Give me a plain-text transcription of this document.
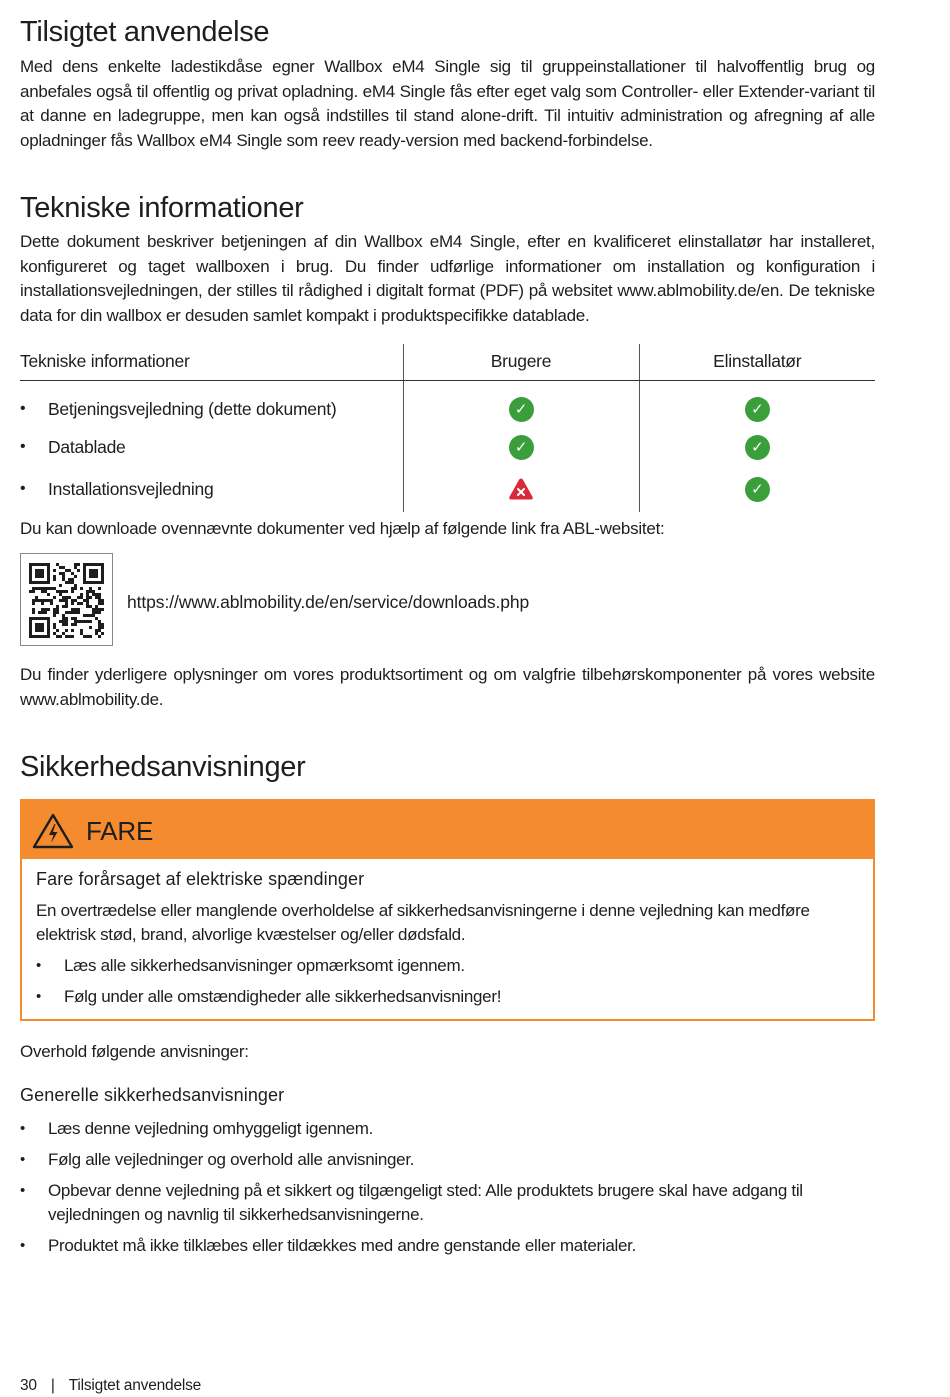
Tilsigtet anvendelse

Med dens enkelte ladestikdåse egner Wallbox eM4 Single sig til gruppeinstallationer til halvoffentlig brug og anbefales også til offentlig og privat opladning. eM4 Single fås efter eget valg som Controller- eller Extender-variant til at danne en ladegruppe, men kan også indstilles til stand alone-drift. Til intuitiv administration og afregning af alle opladninger fås Wallbox eM4 Single som reev ready-version med backend-forbindelse.

Tekniske informationer

Dette dokument beskriver betjeningen af din Wallbox eM4 Single, efter en kvalificeret elinstallatør har installeret, konfigureret og taget wallboxen i brug. Du finder udførlige informationer om installation og konfiguration i installationsvejledningen, der stilles til rådighed i digitalt format (PDF) på websitet www.ablmobility.de/en. De tekniske data for din wallbox er desuden samlet kompakt i produktspecifikke datablade.

Tekniske informationer	Brugere	Elinstallatør
• Betjeningsvejledning (dette dokument)	✓	✓
• Datablade	✓	✓
• Installationsvejledning		✓

Du kan downloade ovennævnte dokumenter ved hjælp af følgende link fra ABL-websitet:

https://www.ablmobility.de/en/service/downloads.php

Du finder yderligere oplysninger om vores produktsortiment og om valgfrie tilbehørskomponenter på vores website www.ablmobility.de.

Sikkerhedsanvisninger
FARE
Fare forårsaget af elektriske spændinger

En overtrædelse eller manglende overholdelse af sikkerhedsanvisningerne i denne vejledning kan medføre elektrisk stød, brand, alvorlige kvæstelser og/eller dødsfald.

• Læs alle sikkerhedsanvisninger opmærksomt igennem.
• Følg under alle omstændigheder alle sikkerhedsanvisninger!

Overhold følgende anvisninger:

Generelle sikkerhedsanvisninger
• Læs denne vejledning omhyggeligt igennem.
• Følg alle vejledninger og overhold alle anvisninger.
• Opbevar denne vejledning på et sikkert og tilgængeligt sted: Alle produktets brugere skal have adgang til vejledningen og navnlig til sikkerhedsanvisningerne.
• Produktet må ikke tilklæbes eller tildækkes med andre genstande eller materialer.
30 | Tilsigtet anvendelse
